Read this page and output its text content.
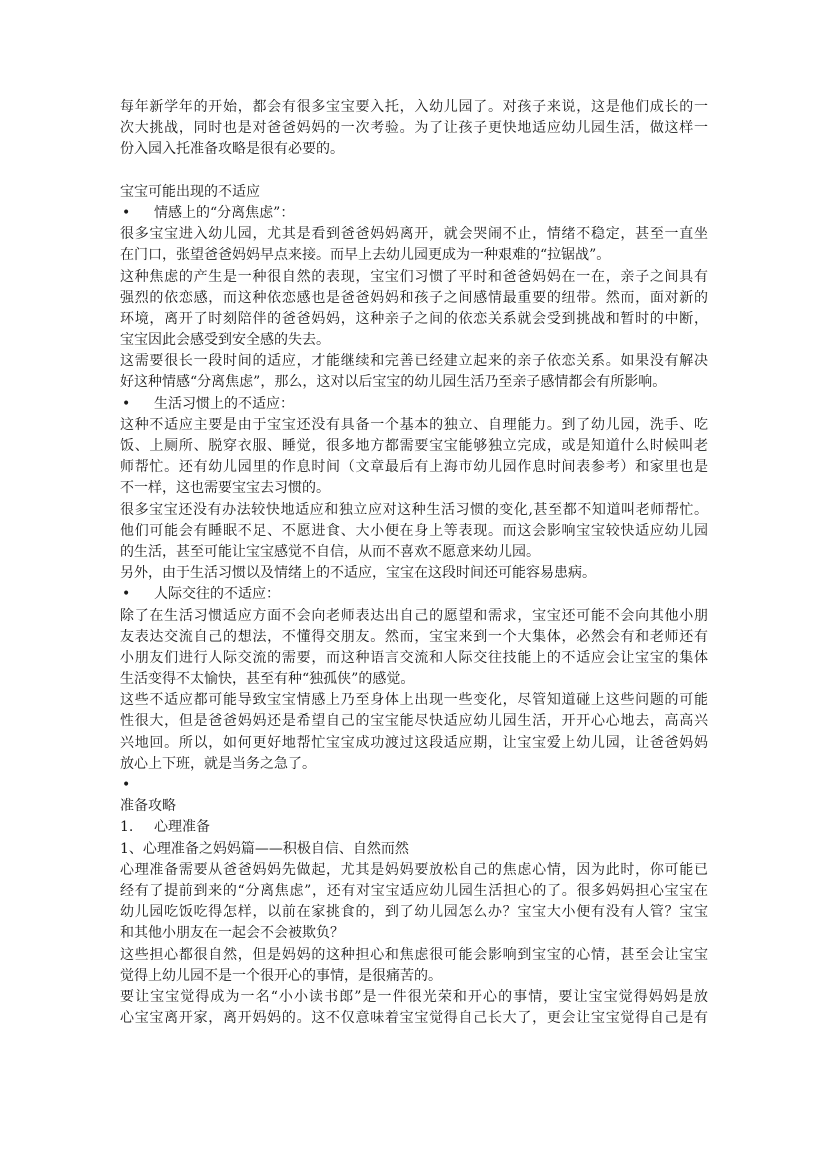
每年新学年的开始，都会有很多宝宝要入托，入幼儿园了。对孩子来说，这是他们成长的一
次大挑战，同时也是对爸爸妈妈的一次考验。为了让孩子更快地适应幼儿园生活，做这样一
份入园入托准备攻略是很有必要的。
宝宝可能出现的不适应
•	情感上的“分离焦虑”：
很多宝宝进入幼儿园，尤其是看到爸爸妈妈离开，就会哭闹不止，情绪不稳定，甚至一直坐
在门口，张望爸爸妈妈早点来接。而早上去幼儿园更成为一种艰难的“拉锯战”。
这种焦虑的产生是一种很自然的表现，宝宝们习惯了平时和爸爸妈妈在一在，亲子之间具有
强烈的依恋感，而这种依恋感也是爸爸妈妈和孩子之间感情最重要的纽带。然而，面对新的
环境，离开了时刻陪伴的爸爸妈妈，这种亲子之间的依恋关系就会受到挑战和暂时的中断，
宝宝因此会感受到安全感的失去。
这需要很长一段时间的适应，才能继续和完善已经建立起来的亲子依恋关系。如果没有解决
好这种情感“分离焦虑”，那么，这对以后宝宝的幼儿园生活乃至亲子感情都会有所影响。
•	生活习惯上的不适应：
这种不适应主要是由于宝宝还没有具备一个基本的独立、自理能力。到了幼儿园，洗手、吃
饭、上厕所、脱穿衣服、睡觉，很多地方都需要宝宝能够独立完成，或是知道什么时候叫老
师帮忙。还有幼儿园里的作息时间（文章最后有上海市幼儿园作息时间表参考）和家里也是
不一样，这也需要宝宝去习惯的。
很多宝宝还没有办法较快地适应和独立应对这种生活习惯的变化,甚至都不知道叫老师帮忙。
他们可能会有睡眠不足、不愿进食、大小便在身上等表现。而这会影响宝宝较快适应幼儿园
的生活，甚至可能让宝宝感觉不自信，从而不喜欢不愿意来幼儿园。
另外，由于生活习惯以及情绪上的不适应，宝宝在这段时间还可能容易患病。
•	人际交往的不适应：
除了在生活习惯适应方面不会向老师表达出自己的愿望和需求，宝宝还可能不会向其他小朋
友表达交流自己的想法，不懂得交朋友。然而，宝宝来到一个大集体，必然会有和老师还有
小朋友们进行人际交流的需要，而这种语言交流和人际交往技能上的不适应会让宝宝的集体
生活变得不太愉快，甚至有种“独孤侠”的感觉。
这些不适应都可能导致宝宝情感上乃至身体上出现一些变化，尽管知道碰上这些问题的可能
性很大，但是爸爸妈妈还是希望自己的宝宝能尽快适应幼儿园生活，开开心心地去，高高兴
兴地回。所以，如何更好地帮忙宝宝成功渡过这段适应期，让宝宝爱上幼儿园，让爸爸妈妈
放心上下班，就是当务之急了。
•
准备攻略
1.	心理准备
1、心理准备之妈妈篇——积极自信、自然而然
心理准备需要从爸爸妈妈先做起，尤其是妈妈要放松自己的焦虑心情，因为此时，你可能已
经有了提前到来的“分离焦虑”，还有对宝宝适应幼儿园生活担心的了。很多妈妈担心宝宝在
幼儿园吃饭吃得怎样，以前在家挑食的，到了幼儿园怎么办？宝宝大小便有没有人管？宝宝
和其他小朋友在一起会不会被欺负？
这些担心都很自然，但是妈妈的这种担心和焦虑很可能会影响到宝宝的心情，甚至会让宝宝
觉得上幼儿园不是一个很开心的事情，是很痛苦的。
要让宝宝觉得成为一名“小小读书郎”是一件很光荣和开心的事情，要让宝宝觉得妈妈是放
心宝宝离开家，离开妈妈的。这不仅意味着宝宝觉得自己长大了，更会让宝宝觉得自己是有
